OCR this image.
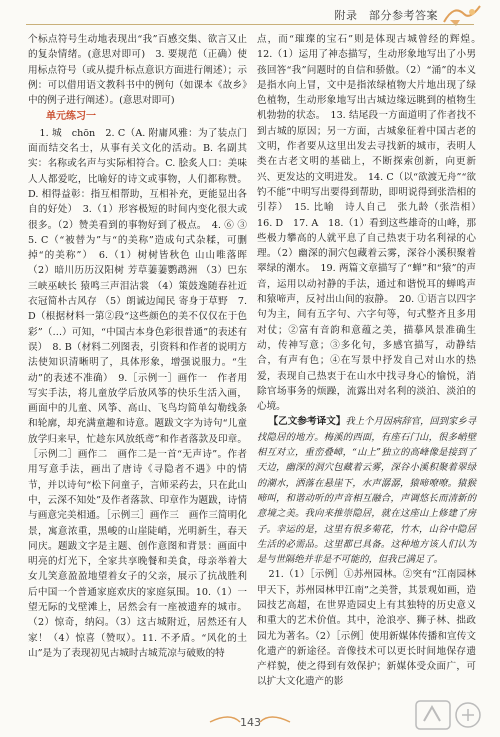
附录　部分参考答案

个标点符号生动地表现出“我”百感交集、欲言又止的复杂情绪。(意思对即可)　3. 要规范（正确）使用标点符号（或从提升标点意识方面进行阐述）；示例：可以借用语文教科书中的例句（如课本《故乡》中的例子进行阐述）。(意思对即可)

单元练习一

1. 城　chōn　2. C（A. 附庸风雅：为了装点门面而结交名士，从事有关文化的活动。B. 名副其实：名称或名声与实际相符合。C. 脍炙人口：美味人人都爱吃，比喻好的诗文或事物，人们都称赞。D. 相得益彰：指互相帮助，互相补充，更能显出各自的好处）　3.（1）形容极短的时间内变化很大或很多。（2）赞美看到的事物好到了极点。　4. ⑥ ③　5. C（“被替为”与“的美称”造成句式杂糅，可删掉“的美称”）　6.（1）树树皆秋色 山山唯落晖 （2）暗川历历汉阳树 芳草萋萋鹦鹉洲 （3）巴东三峡巫峡长 猿鸣三声泪沾裳 （4）策鼓逸随春社近 衣冠简朴古风存 （5）朗诚边闻民 寄身于草野　7. D（根据材料一第②段“这些颜色的美不仅仅在于色彩”（…）可知，“中国古本身色彩很普通”的表述有误）　8. B（材料二列图表，引资料和作者的说明方法使知识清晰明了，具体形象，增强说服力。“生动”的表述不准确）　9.［示例一］画作一　作者用写实手法，将儿童放学后放风筝的快乐生活入画，画面中的儿童、风筝、高山、飞鸟均简单勾勒线条和轮廓，却充满童趣和诗意。题跋文字为诗句“儿童放学归来早，忙趁东风放纸鸢”和作者落款及印章。［示例二］画作二　画作二是一首“无声诗”。作者用写意手法，画出了唐诗《寻隐者不遇》中的情节，并以诗句“松下问童子，言师采药去，只在此山中，云深不知处”及作者落款、印章作为题跋，诗情与画意完美相通。［示例三］画作三　画作三简明化景，寓意浓重，黑峻的山崖陡峭，光明新生，春天同庆。题跋文字是主题、创作意图和背景：画面中明亮的灯光下，全家共享晚餐和美食，母亲举着大女儿笑意盈盈地望着女子的父亲，展示了抗战胜利后中国一个普通家庭欢庆的家庭氛围。10.（1）一望无际的戈壁滩上，居然会有一座被遗弃的城市。（2）惊奇，纳闷。（3）这古城附近，居然还有人家！（4）惊喜（赞叹）。11. 不矛盾。“风化的土山”是为了表现初见古城时古城荒凉与破败的特

点，而“璀璨的宝石”则是体现古城曾经的辉煌。　12.（1）运用了神态描写，生动形象地写出了小男孩回答“我”问题时的自信和骄傲。（2）“涌”的本义是指水向上冒，文中是指浓绿植物大片地出现了绿色植物，生动形象地写出古城边缘远眺到的植物生机勃勃的状态。　13. 结尾段一方面道明了作者找不到古城的原因；另一方面，古城象征着中国古老的文明，作者要从这里出发去寻找新的城市，表明人类在古老文明的基础上，不断探索创新，向更新兴、更发达的文明进发。　14. C（以“欲渡无舟”“欲钓不能”中明写出要得到帮助，即明说得到张浩相的引荐）　15. 比喻　诗人自己　张九龄（张浩相）　16. D　17. A　18.（1）看到这些雄奇的山峰，那些极力攀高的人就平息了自己热衷于功名利禄的心理。（2）幽深的洞穴包藏着云雾，深谷小溪积聚着翠绿的潮水。　19. 两篇文章描写了“蝉”和“猿”的声音，运用以动衬静的手法，通过和谐悦耳的蝉鸣声和猿啼声，反衬出山间的寂静。　20. ①语言以四字句为主，间有五字句、六字句等，句式整齐且多用对仗；②富有音韵和意蕴之美，描摹风景准确生动，传神写意；③多化句，多感官描写，动静结合，有声有色；④在写景中抒发自己对山水的热爱，表现自己热衷于在山水中找寻身心的愉悦，消除官场事务的烦躁，流露出对名利的淡泊、淡泊的心境。

【乙文参考译文】我上个月因病辞官，回到家乡寻找隐居的地方。梅溪的西面，有座石门山，很多峭壁相互对立，重峦叠嶂，“山上”独立的高峰像是接到了天边，幽深的洞穴包藏着云雾，深谷小溪积聚着翠绿的潮水，洒落在悬崖下，水声潺潺，猿啼嘹嘹。猿猴啼叫，和谐动听的声音相互融合，声调悠长而清新的意境之美。我向来推崇隐居，就在这座山上修建了房子。幸运的是，这里有很多菊花，竹木，山谷中隐居生活的必需品。这里都已具备。这种地方该人们认为是与世隔绝并非是不可能的，但我已满足了。

21.（1）［示例］①苏州园林。②突有“江南园林甲天下，苏州园林甲江南”之美誉，其景观如画，造园技艺高超，在世界造园史上有其独特的历史意义和重大的艺术价值。其中，沧浪亭、狮子林、拙政园尤为著名。（2）［示例］使用新媒体传播和宣传文化遗产的新途径。音像技术可以更长时间地保存遗产样貌，使之得到有效保护；新媒体受众面广，可以扩大文化遗产的影

143
